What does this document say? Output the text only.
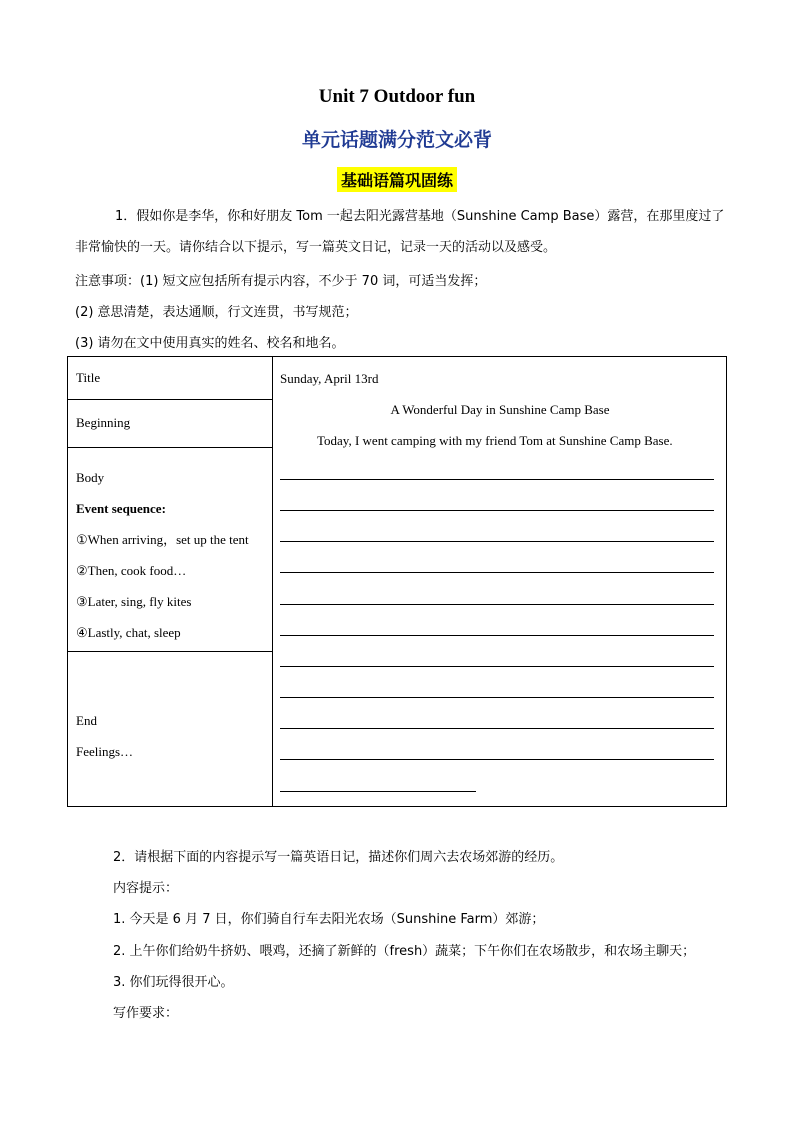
Unit 7 Outdoor fun
单元话题满分范文必背
基础语篇巩固练
1．假如你是李华，你和好朋友 Tom 一起去阳光露营基地（Sunshine Camp Base）露营，在那里度过了非常愉快的一天。请你结合以下提示，写一篇英文日记，记录一天的活动以及感受。
注意事项：(1) 短文应包括所有提示内容，不少于 70 词，可适当发挥；
(2) 意思清楚，表达通顺，行文连贯，书写规范；
(3) 请勿在文中使用真实的姓名、校名和地名。
Title	Sunday, April 13rd
A Wonderful Day in Sunshine Camp Base
Today, I went camping with my friend Tom at Sunshine Camp Base.

Beginning

Body
Event sequence:
①When arriving，set up the tent
②Then, cook food…
③Later, sing, fly kites
④Lastly, chat, sleep

End
Feelings…
2．请根据下面的内容提示写一篇英语日记，描述你们周六去农场郊游的经历。
内容提示：
1. 今天是 6 月 7 日，你们骑自行车去阳光农场（Sunshine Farm）郊游；
2. 上午你们给奶牛挤奶、喂鸡，还摘了新鲜的（fresh）蔬菜；下午你们在农场散步，和农场主聊天；
3. 你们玩得很开心。
写作要求：
